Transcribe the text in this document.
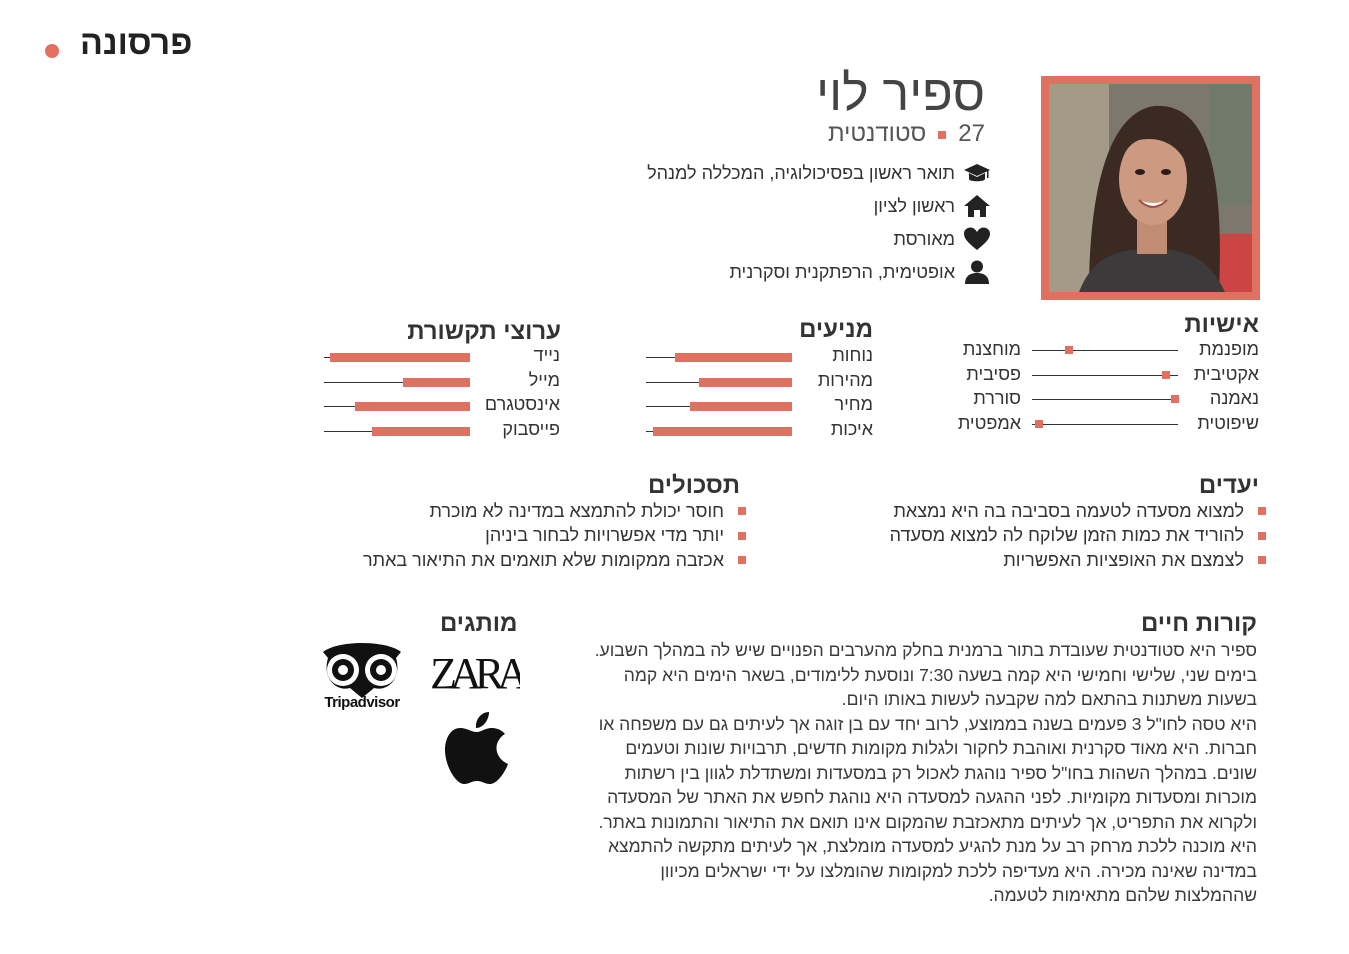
פרסונה
ספיר לוי
27סטודנטית
תואר ראשון בפסיכולוגיה, המכללה למנהל
ראשון לציון
מאורסת
אופטימית, הרפתקנית וסקרנית
אישיות
מופנמת
מוחצנת
אקטיבית
פסיבית
נאמנה
סוררת
שיפוטית
אמפטית
מניעים
נוחות
מהירות
מחיר
איכות
ערוצי תקשורת
נייד
מייל
אינסטגרם
פייסבוק
יעדים
למצוא מסעדה לטעמה בסביבה בה היא נמצאת
להוריד את כמות הזמן שלוקח לה למצוא מסעדה
לצמצם את האופציות האפשריות
תסכולים
חוסר יכולת להתמצא במדינה לא מוכרת
יותר מדי אפשרויות לבחור ביניהן
אכזבה ממקומות שלא תואמים את התיאור באתר
קורות חיים

ספיר היא סטודנטית שעובדת בתור ברמנית בחלק מהערבים הפנויים שיש לה במהלך השבוע. בימים שני, שלישי וחמישי היא קמה בשעה 7:30 ונוסעת ללימודים, בשאר הימים היא קמה בשעות משתנות בהתאם למה שקבעה לעשות באותו היום.

היא טסה לחו"ל 3 פעמים בשנה בממוצע, לרוב יחד עם בן זוגה אך לעיתים גם עם משפחה או חברות. היא מאוד סקרנית ואוהבת לחקור ולגלות מקומות חדשים, תרבויות שונות וטעמים שונים. במהלך השהות בחו"ל ספיר נוהגת לאכול רק במסעדות ומשתדלת לגוון בין רשתות מוכרות ומסעדות מקומיות. לפני ההגעה למסעדה היא נוהגת לחפש את האתר של המסעדה ולקרוא את התפריט, אך לעיתים מתאכזבת שהמקום אינו תואם את התיאור והתמונות באתר. היא מוכנה ללכת מרחק רב על מנת להגיע למסעדה מומלצת, אך לעיתים מתקשה להתמצא במדינה שאינה מכירה. היא מעדיפה ללכת למקומות שהומלצו על ידי ישראלים מכיוון שההמלצות שלהם מתאימות לטעמה.

מותגים
ZARA
Tripadvisor
